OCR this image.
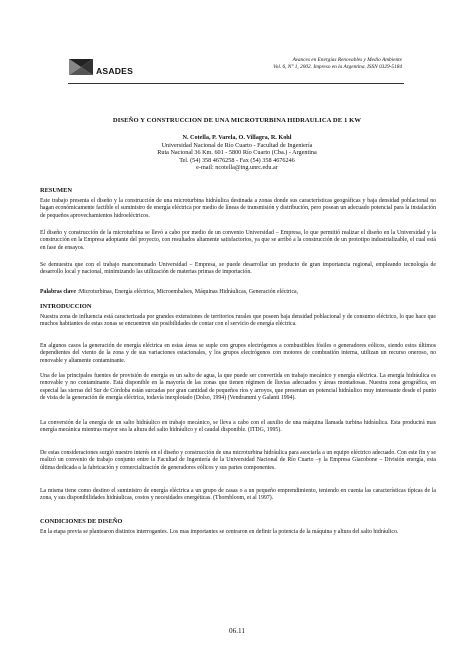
ASADES
Avances en Energías Renovables y Medio Ambiente
Vol. 6, N° 1, 2002. Impreso en la Argentina. ISSN 0329-5184
DISEÑO Y CONSTRUCCION DE UNA MICROTURBINA HIDRAULICA DE 1 KW
N. Cotella, P. Varela, O. Villagra, R. Kohl
Universidad Nacional de Río Cuarto - Facultad de Ingeniería
Ruta Nacional 36 Km. 601 - 5800 Río Cuarto (Cba.) - Argentina
Tel. (54) 358 4676258 - Fax (54) 358 4676246
e-mail: ncotella@ing.unrc.edu.ar
RESUMEN
Este trabajo presenta el diseño y la construcción de una microturbina hidráulica destinada a zonas donde sus características geográficas y baja densidad poblacional no hagan económicamente factible el suministro de energía eléctrica por medio de líneas de transmisión y distribución, pero posean un adecuado potencial para la instalación de pequeños aprovechamientos hidroeléctricos.
El diseño y construcción de la microturbina se llevó a cabo por medio de un convenio Universidad – Empresa, lo que permitió realizar el diseño en la Universidad y la construcción en la Empresa adoptante del proyecto, con resultados altamente satisfactorios, ya que se arribó a la construcción de un prototipo industrializable, el cual está en fase de ensayos.
Se demuestra que con el trabajo mancomunado Universidad – Empresa, se puede desarrollar un producto de gran importancia regional, empleando tecnología de desarrollo local y nacional, minimizando las utilización de materias primas de importación.
Palabras clave :Microturbinas, Energía eléctrica, Microembalses, Máquinas Hidráulicas, Generación eléctrica,
INTRODUCCION
Nuestra zona de influencia está caracterizada por grandes extensiones de territorios rurales que poseen baja densidad poblacional y de consumo eléctrico, lo que hace que muchos habitantes de estas zonas se encuentren sin posibilidades de contar con el servicio de energía eléctrica.
En algunos casos la generación de energía eléctrica en estas áreas se suple con grupos electrógenos a combustibles fósiles o generadores eólicos, siendo estos últimos dependientes del viento de la zona y de sus variaciones estacionales, y los grupos electrógenos con motores de combustión interna, utilizan un recurso oneroso, no renovable y altamente contaminante.
Una de las principales fuentes de provisión de energía es un salto de agua, la que puede ser convertida en trabajo mecánico y energía eléctrica. La energía hidráulica es renovable y no contaminante. Está disponible en la mayoría de las zonas que tienen régimen de lluvias adecuados y áreas montañosas. Nuestra zona geográfica, en especial las sierras del Sur de Córdoba están surcadas por gran cantidad de pequeños ríos y arroyos, que presentan un potencial hidráulico muy interesante desde el punto de vista de la generación de energía eléctrica, todavía inexplotado (Dolso, 1994) (Vendrammi y Galanti 1994).
La conversión de la energía de un salto hidráulico en trabajo mecánico, se lleva a cabo con el auxilio de una máquina llamada turbina hidráulica. Esta producirá mas energía mecánica mientras mayor sea la altura del salto hidráulico y el caudal disponible. (ITDG, 1995).
De estas consideraciones surgió nuestro interés en el diseño y construcción de una microturbina hidráulica para asociarla a un equipo eléctrico adecuado. Con este fin y se realizó un convenio de trabajo conjunto entre la Facultad de Ingeniería de la Universidad Nacional de Río Cuarto –y la Empresa Giacobone – División energía, esta última dedicada a la fabricación y comercialización de generadores eólicos y sus partes componentes.
La misma tiene como destino el suministro de energía eléctrica a un grupo de casas o a un pequeño emprendimiento, teniendo en cuenta las características típicas de la zona, y sus disponibilidades hidráulicas, costos y necesidades energéticas. (Thornbloom, et al 1997).
CONDICIONES DE DISEÑO
En la etapa previa se plantearon distintos interrogantes. Los mas importantes se centraron en definir la potencia de la máquina y altura del salto hidráulico.
06.11
